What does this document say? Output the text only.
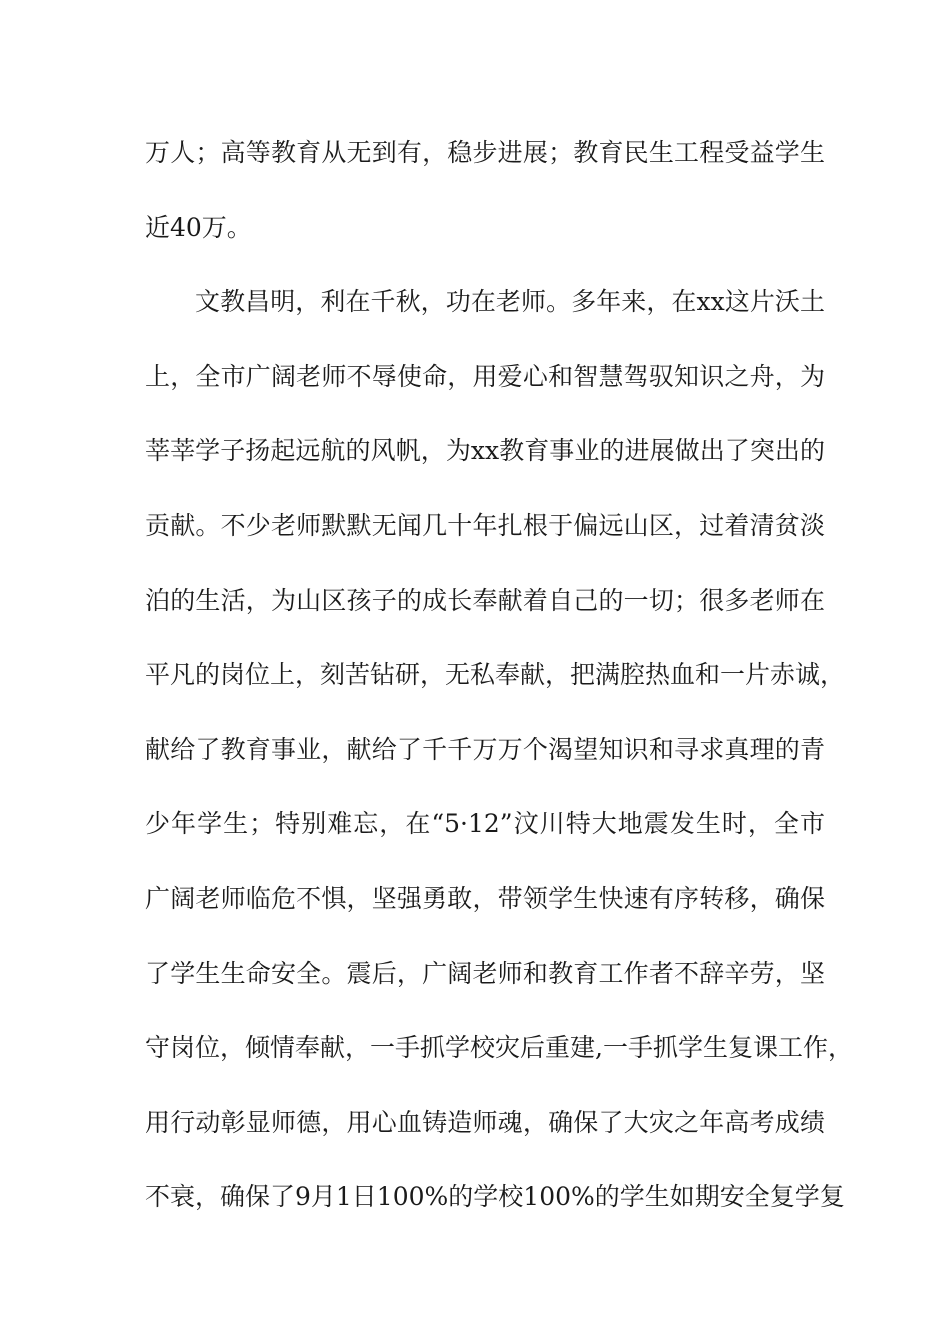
万人；高等教育从无到有，稳步进展；教育民生工程受益学生
近40万。
文教昌明，利在千秋，功在老师。多年来，在xx这片沃土
上，全市广阔老师不辱使命，用爱心和智慧驾驭知识之舟，为
莘莘学子扬起远航的风帆，为xx教育事业的进展做出了突出的
贡献。不少老师默默无闻几十年扎根于偏远山区，过着清贫淡
泊的生活，为山区孩子的成长奉献着自己的一切；很多老师在
平凡的岗位上，刻苦钻研，无私奉献，把满腔热血和一片赤诚，
献给了教育事业，献给了千千万万个渴望知识和寻求真理的青
少年学生；特别难忘，在“5·12”汶川特大地震发生时，全市
广阔老师临危不惧，坚强勇敢，带领学生快速有序转移，确保
了学生生命安全。震后，广阔老师和教育工作者不辞辛劳，坚
守岗位，倾情奉献，一手抓学校灾后重建,一手抓学生复课工作，
用行动彰显师德，用心血铸造师魂，确保了大灾之年高考成绩
不衰，确保了9月1日100%的学校100%的学生如期安全复学复
